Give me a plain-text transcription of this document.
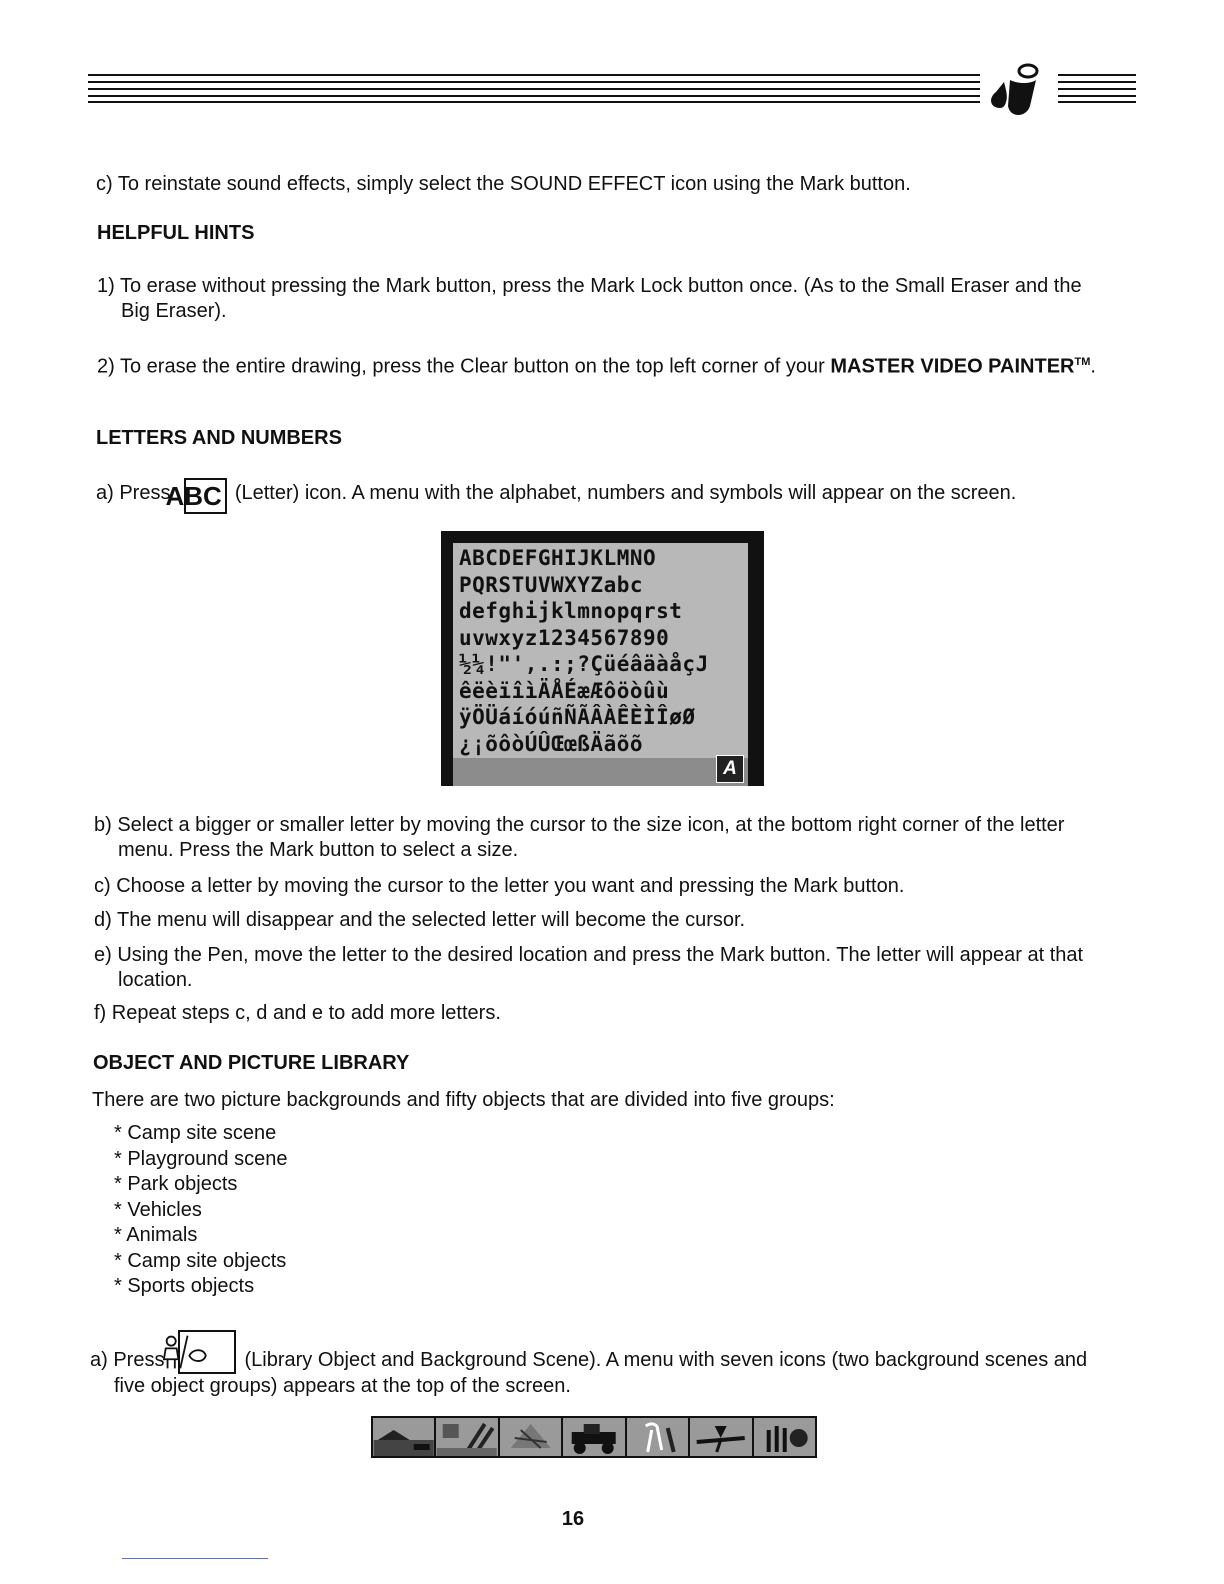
c) To reinstate sound effects, simply select the SOUND EFFECT icon using the Mark button.

HELPFUL HINTS

1) To erase without pressing the Mark button, press the Mark Lock button once. (As to the Small Eraser and the Big Eraser).

2) To erase the entire drawing, press the Clear button on the top left corner of your MASTER VIDEO PAINTER™.

LETTERS AND NUMBERS

a) PressABC (Letter) icon. A menu with the alphabet, numbers and symbols will appear on the screen.

ABCDEFGHIJKLMNO
PQRSTUVWXYZabc
defghijklmnopqrst
uvwxyz1234567890
½¼!"',.:;?ÇüéâäàåçJ
êëèïîìÄÅÉæÆôöòûù
ÿÖÜáíóúñÑÃÂÀÊÈÌÎøØ
¿¡õôòÚÛŒœßÄãõõ
A

b) Select a bigger or smaller letter by moving the cursor to the size icon, at the bottom right corner of the letter menu. Press the Mark button to select a size.

c) Choose a letter by moving the cursor to the letter you want and pressing the Mark button.

d) The menu will disappear and the selected letter will become the cursor.

e) Using the Pen, move the letter to the desired location and press the Mark button. The letter will appear at that location.

f) Repeat steps c, d and e to add more letters.

OBJECT AND PICTURE LIBRARY

There are two picture backgrounds and fifty objects that are divided into five groups:

* Camp site scene
* Playground scene
* Park objects
* Vehicles
* Animals
* Camp site objects
* Sports objects

a) Press	(Library Object and Background Scene). A menu with seven icons (two background scenes and five object groups) appears at the top of the screen.

16
